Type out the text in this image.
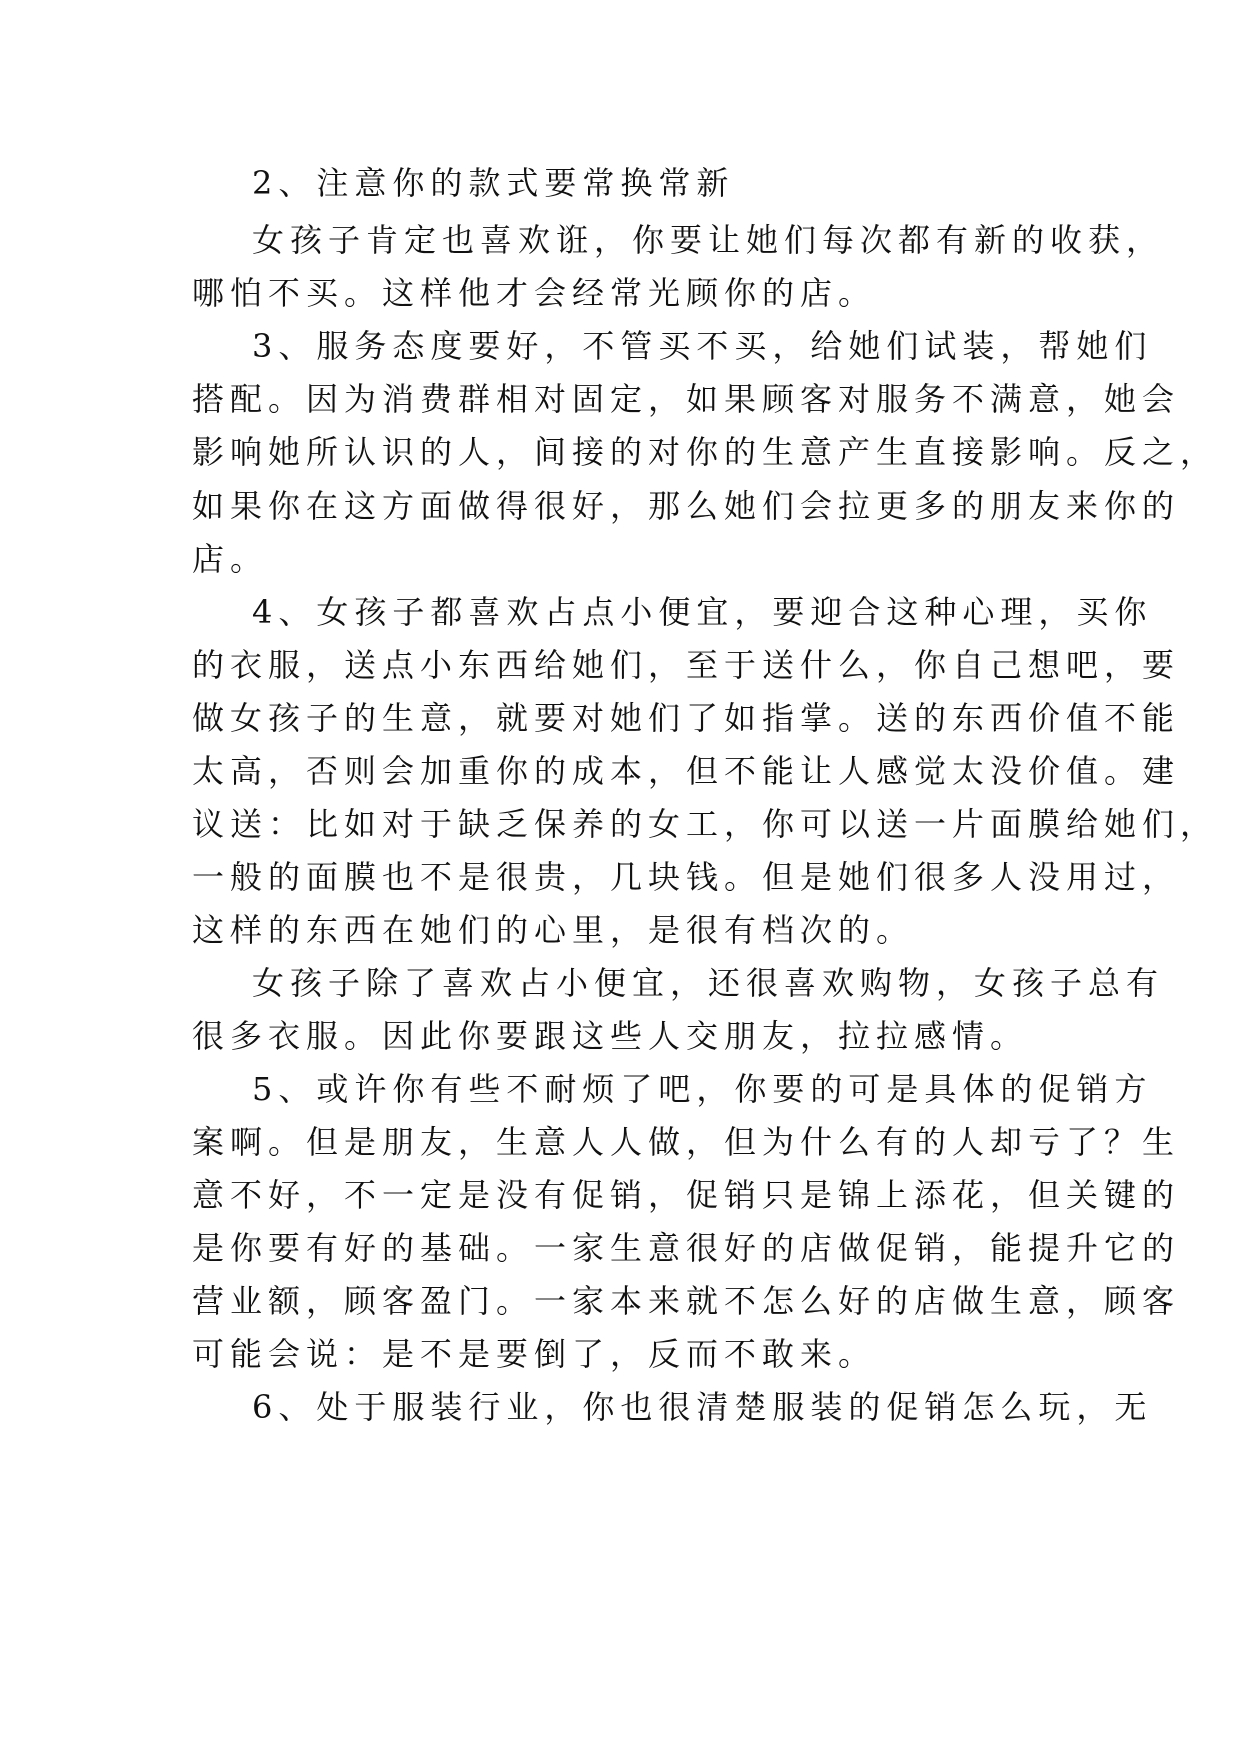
2、注意你的款式要常换常新
女孩子肯定也喜欢诳，你要让她们每次都有新的收获，
哪怕不买。这样他才会经常光顾你的店。
3、服务态度要好，不管买不买，给她们试装，帮她们
搭配。因为消费群相对固定，如果顾客对服务不满意，她会
影响她所认识的人，间接的对你的生意产生直接影响。反之，
如果你在这方面做得很好，那么她们会拉更多的朋友来你的
店。
4、女孩子都喜欢占点小便宜，要迎合这种心理，买你
的衣服，送点小东西给她们，至于送什么，你自己想吧，要
做女孩子的生意，就要对她们了如指掌。送的东西价值不能
太高，否则会加重你的成本，但不能让人感觉太没价值。建
议送：比如对于缺乏保养的女工，你可以送一片面膜给她们，
一般的面膜也不是很贵，几块钱。但是她们很多人没用过，
这样的东西在她们的心里，是很有档次的。
女孩子除了喜欢占小便宜，还很喜欢购物，女孩子总有
很多衣服。因此你要跟这些人交朋友，拉拉感情。
5、或许你有些不耐烦了吧，你要的可是具体的促销方
案啊。但是朋友，生意人人做，但为什么有的人却亏了？生
意不好，不一定是没有促销，促销只是锦上添花，但关键的
是你要有好的基础。一家生意很好的店做促销，能提升它的
营业额，顾客盈门。一家本来就不怎么好的店做生意，顾客
可能会说：是不是要倒了，反而不敢来。
6、处于服装行业，你也很清楚服装的促销怎么玩，无
